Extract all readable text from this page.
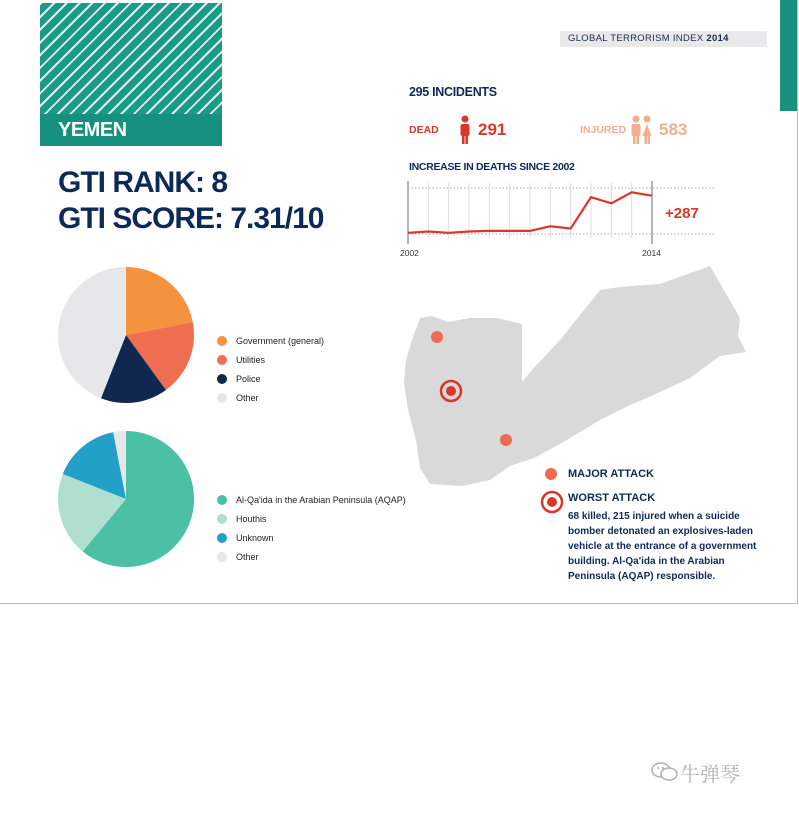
YEMEN
GLOBAL TERRORISM INDEX 2014
GTI RANK: 8
GTI SCORE: 7.31/10
295 INCIDENTS
DEAD 291	INJURED 583
INCREASE IN DEATHS SINCE 2002
2002	2014
+287
Government (general)
Utilities
Police
Other
Al-Qa'ida in the Arabian Peninsula (AQAP)
Houthis
Unknown
Other
MAJOR ATTACK
WORST ATTACK
68 killed, 215 injured when a suicide bomber detonated an explosives-laden vehicle at the entrance of a government building. Al-Qa'ida in the Arabian Peninsula (AQAP) responsible.
牛弹琴
